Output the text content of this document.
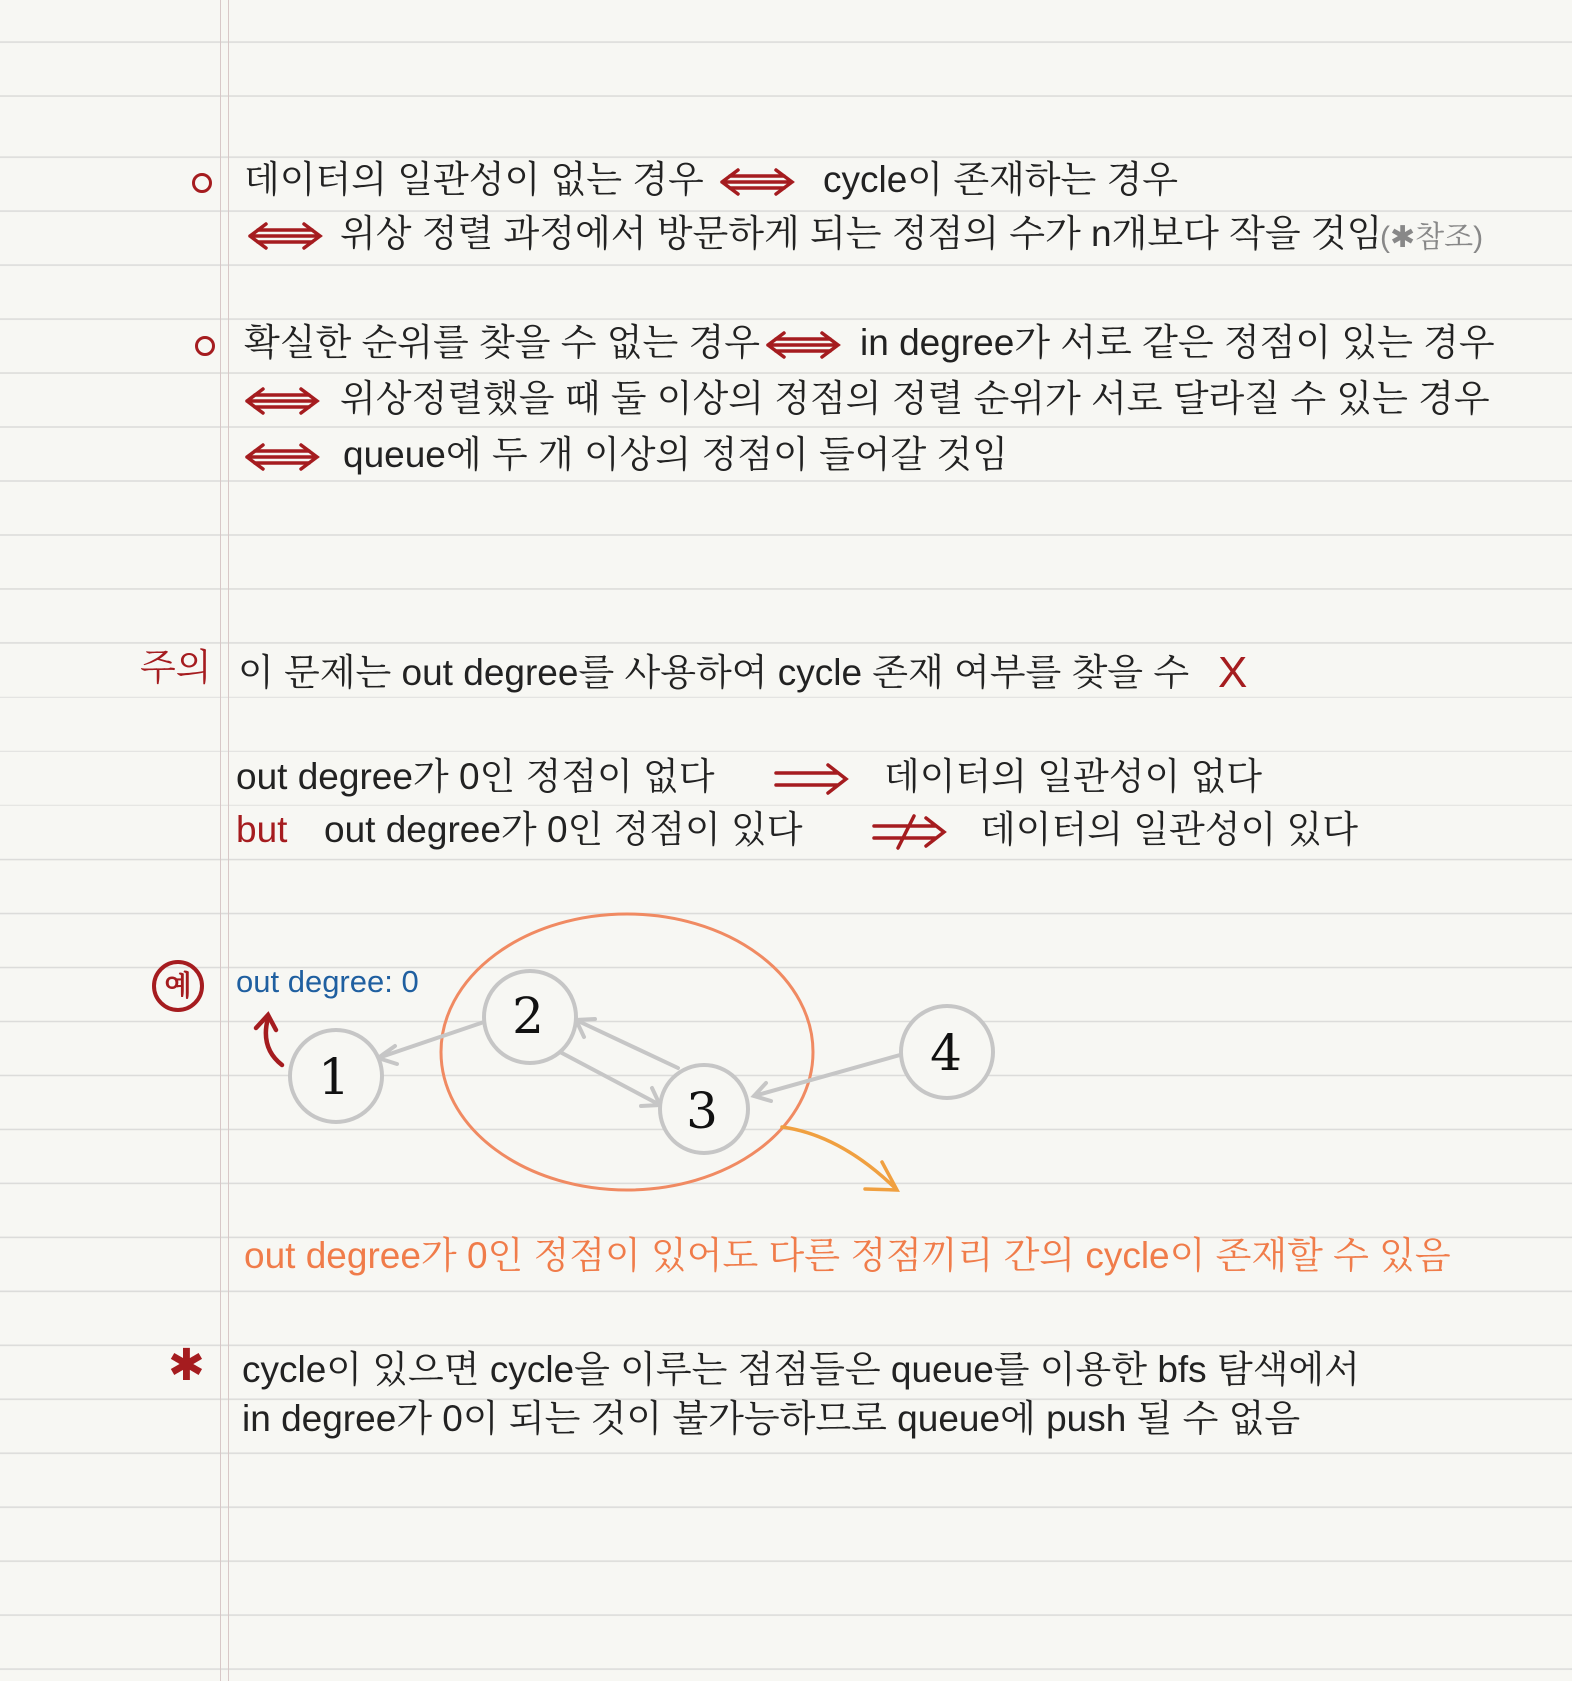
데이터의 일관성이 없는 경우	cycle이 존재하는 경우
위상 정렬 과정에서 방문하게 되는 정점의 수가 n개보다 작을 것임
(✱참조)
확실한 순위를 찾을 수 없는 경우	in degree가 서로 같은 정점이 있는 경우
위상정렬했을 때 둘 이상의 정점의 정렬 순위가 서로 달라질 수 있는 경우
queue에 두 개 이상의 정점이 들어갈 것임
주의 이 문제는 out degree를 사용하여 cycle 존재 여부를 찾을 수 X
out degree가 0인 정점이 없다	데이터의 일관성이 없다
but out degree가 0인 정점이 있다	데이터의 일관성이 있다
예	out degree: 0
1
2
3
4
out degree가 0인 정점이 있어도 다른 정점끼리 간의 cycle이 존재할 수 있음
✱ cycle이 있으면 cycle을 이루는 점점들은 queue를 이용한 bfs 탐색에서
in degree가 0이 되는 것이 불가능하므로 queue에 push 될 수 없음
